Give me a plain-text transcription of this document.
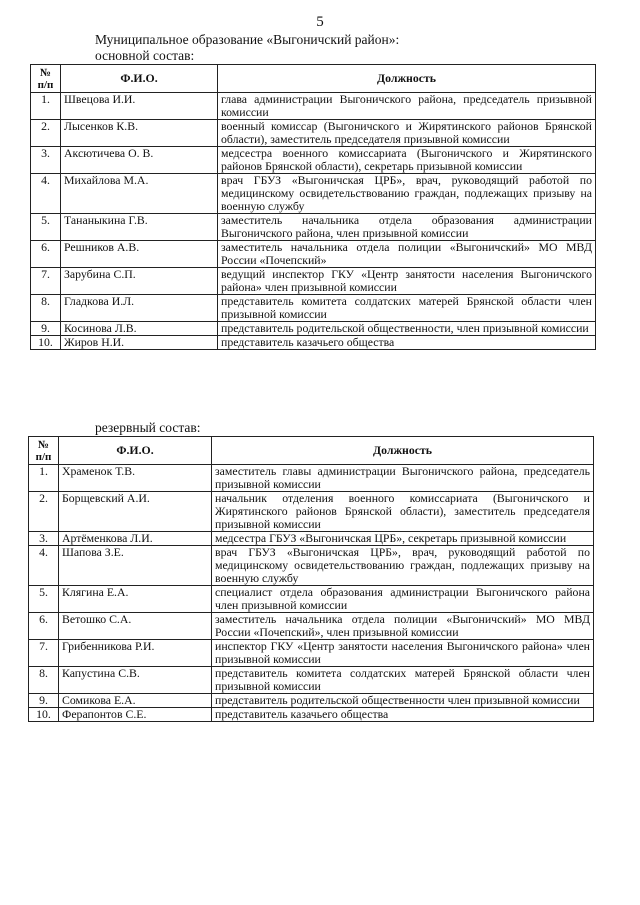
5
Муниципальное образование «Выгоничский район»:
основной состав:
№ п/п	Ф.И.О.	Должность
1.	Швецова И.И.	глава администрации Выгоничского района, председатель призывной комиссии
2.	Лысенков К.В.	военный комиссар (Выгоничского и Жирятинского районов Брянской области), заместитель председателя призывной комиссии
3.	Аксютичева О. В.	медсестра военного комиссариата (Выгоничского и Жирятинского районов Брянской области), секретарь призывной комиссии
4.	Михайлова М.А.	врач ГБУЗ «Выгоничская ЦРБ», врач, руководящий работой по медицинскому освидетельствованию граждан, подлежащих призыву на военную службу
5.	Тананыкина Г.В.	заместитель начальника отдела образования администрации Выгоничского района, член призывной комиссии
6.	Решников А.В.	заместитель начальника отдела полиции «Выгоничский» МО МВД России «Почепский»
7.	Зарубина С.П.	ведущий инспектор ГКУ «Центр занятости населения Выгоничского района» член призывной комиссии
8.	Гладкова И.Л.	представитель комитета солдатских матерей Брянской области член призывной комиссии
9.	Косинова Л.В.	представитель родительской общественности, член призывной комиссии
10.	Жиров Н.И.	представитель казачьего общества
резервный состав:
№ п/п	Ф.И.О.	Должность
1.	Храменок Т.В.	заместитель главы администрации Выгоничского района, председатель призывной комиссии
2.	Борщевский А.И.	начальник отделения военного комиссариата (Выгоничского и Жирятинского районов Брянской области), заместитель председателя призывной комиссии
3.	Артёменкова Л.И.	медсестра ГБУЗ «Выгоничская ЦРБ», секретарь призывной комиссии
4.	Шапова З.Е.	врач ГБУЗ «Выгоничская ЦРБ», врач, руководящий работой по медицинскому освидетельствованию граждан, подлежащих призыву на военную службу
5.	Клягина Е.А.	специалист отдела образования администрации Выгоничского района член призывной комиссии
6.	Ветошко С.А.	заместитель начальника отдела полиции «Выгоничский» МО МВД России «Почепский», член призывной комиссии
7.	Грибенникова Р.И.	инспектор ГКУ «Центр занятости населения Выгоничского района» член призывной комиссии
8.	Капустина С.В.	представитель комитета солдатских матерей Брянской области член призывной комиссии
9.	Сомикова Е.А.	представитель родительской общественности член призывной комиссии
10.	Ферапонтов С.Е.	представитель казачьего общества
